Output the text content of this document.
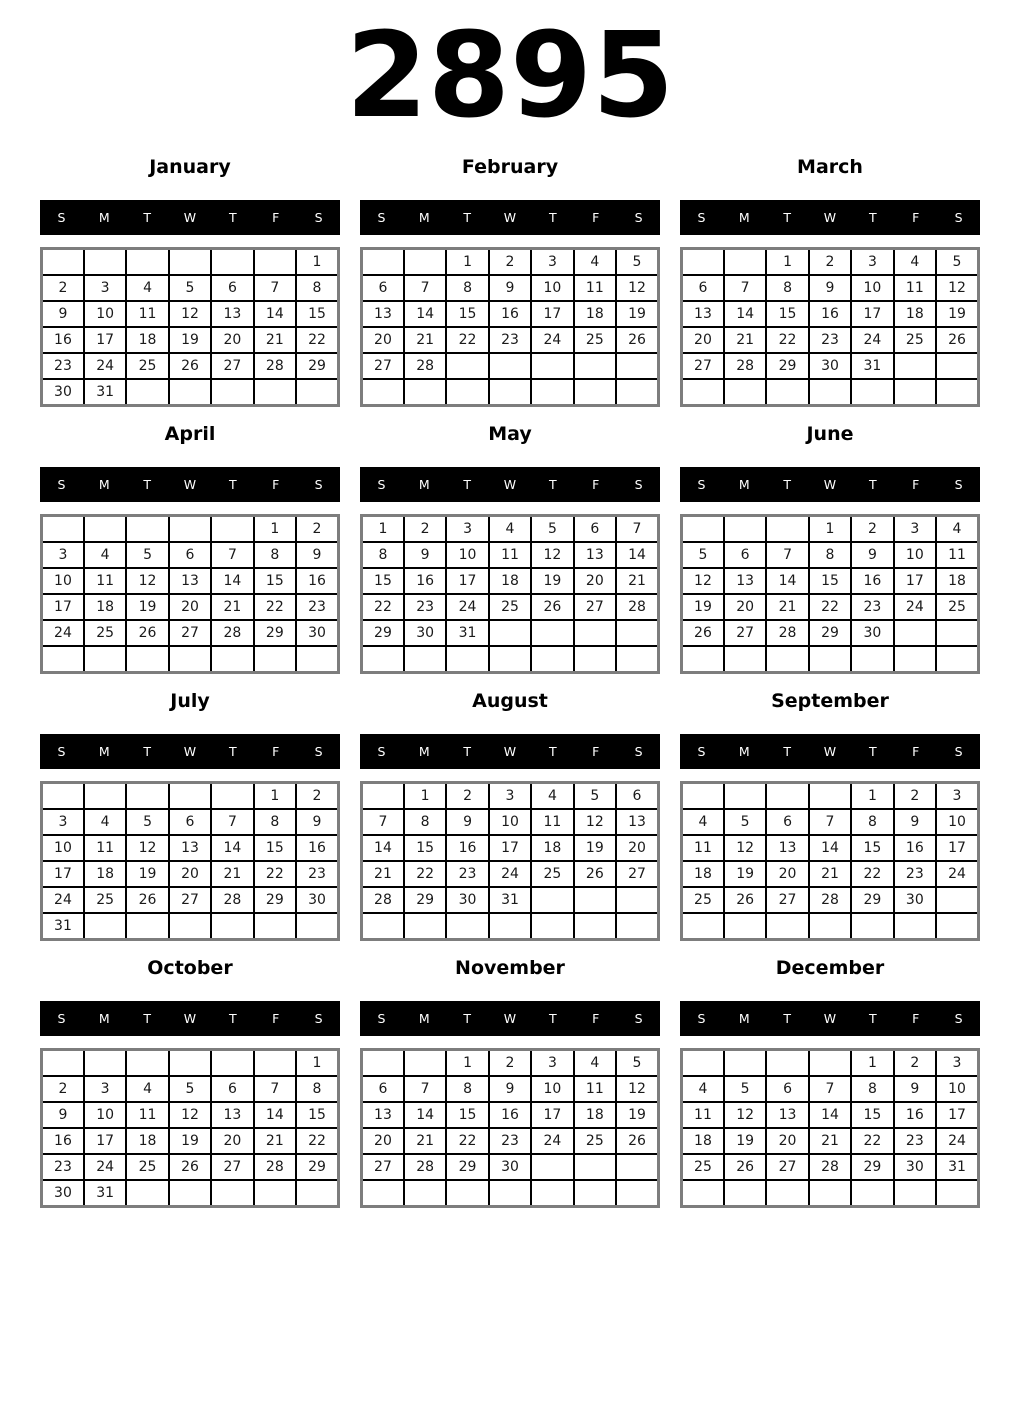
2895
January
S	M	T	W	T	F	S
						1
2	3	4	5	6	7	8
9	10	11	12	13	14	15
16	17	18	19	20	21	22
23	24	25	26	27	28	29
30	31					
February
S	M	T	W	T	F	S
		1	2	3	4	5
6	7	8	9	10	11	12
13	14	15	16	17	18	19
20	21	22	23	24	25	26
27	28					

March
S	M	T	W	T	F	S
		1	2	3	4	5
6	7	8	9	10	11	12
13	14	15	16	17	18	19
20	21	22	23	24	25	26
27	28	29	30	31		

April
S	M	T	W	T	F	S
					1	2
3	4	5	6	7	8	9
10	11	12	13	14	15	16
17	18	19	20	21	22	23
24	25	26	27	28	29	30

May
S	M	T	W	T	F	S
1	2	3	4	5	6	7
8	9	10	11	12	13	14
15	16	17	18	19	20	21
22	23	24	25	26	27	28
29	30	31				

June
S	M	T	W	T	F	S
			1	2	3	4
5	6	7	8	9	10	11
12	13	14	15	16	17	18
19	20	21	22	23	24	25
26	27	28	29	30		

July
S	M	T	W	T	F	S
					1	2
3	4	5	6	7	8	9
10	11	12	13	14	15	16
17	18	19	20	21	22	23
24	25	26	27	28	29	30
31						
August
S	M	T	W	T	F	S
	1	2	3	4	5	6
7	8	9	10	11	12	13
14	15	16	17	18	19	20
21	22	23	24	25	26	27
28	29	30	31			

September
S	M	T	W	T	F	S
				1	2	3
4	5	6	7	8	9	10
11	12	13	14	15	16	17
18	19	20	21	22	23	24
25	26	27	28	29	30	

October
S	M	T	W	T	F	S
						1
2	3	4	5	6	7	8
9	10	11	12	13	14	15
16	17	18	19	20	21	22
23	24	25	26	27	28	29
30	31					
November
S	M	T	W	T	F	S
		1	2	3	4	5
6	7	8	9	10	11	12
13	14	15	16	17	18	19
20	21	22	23	24	25	26
27	28	29	30			

December
S	M	T	W	T	F	S
				1	2	3
4	5	6	7	8	9	10
11	12	13	14	15	16	17
18	19	20	21	22	23	24
25	26	27	28	29	30	31
